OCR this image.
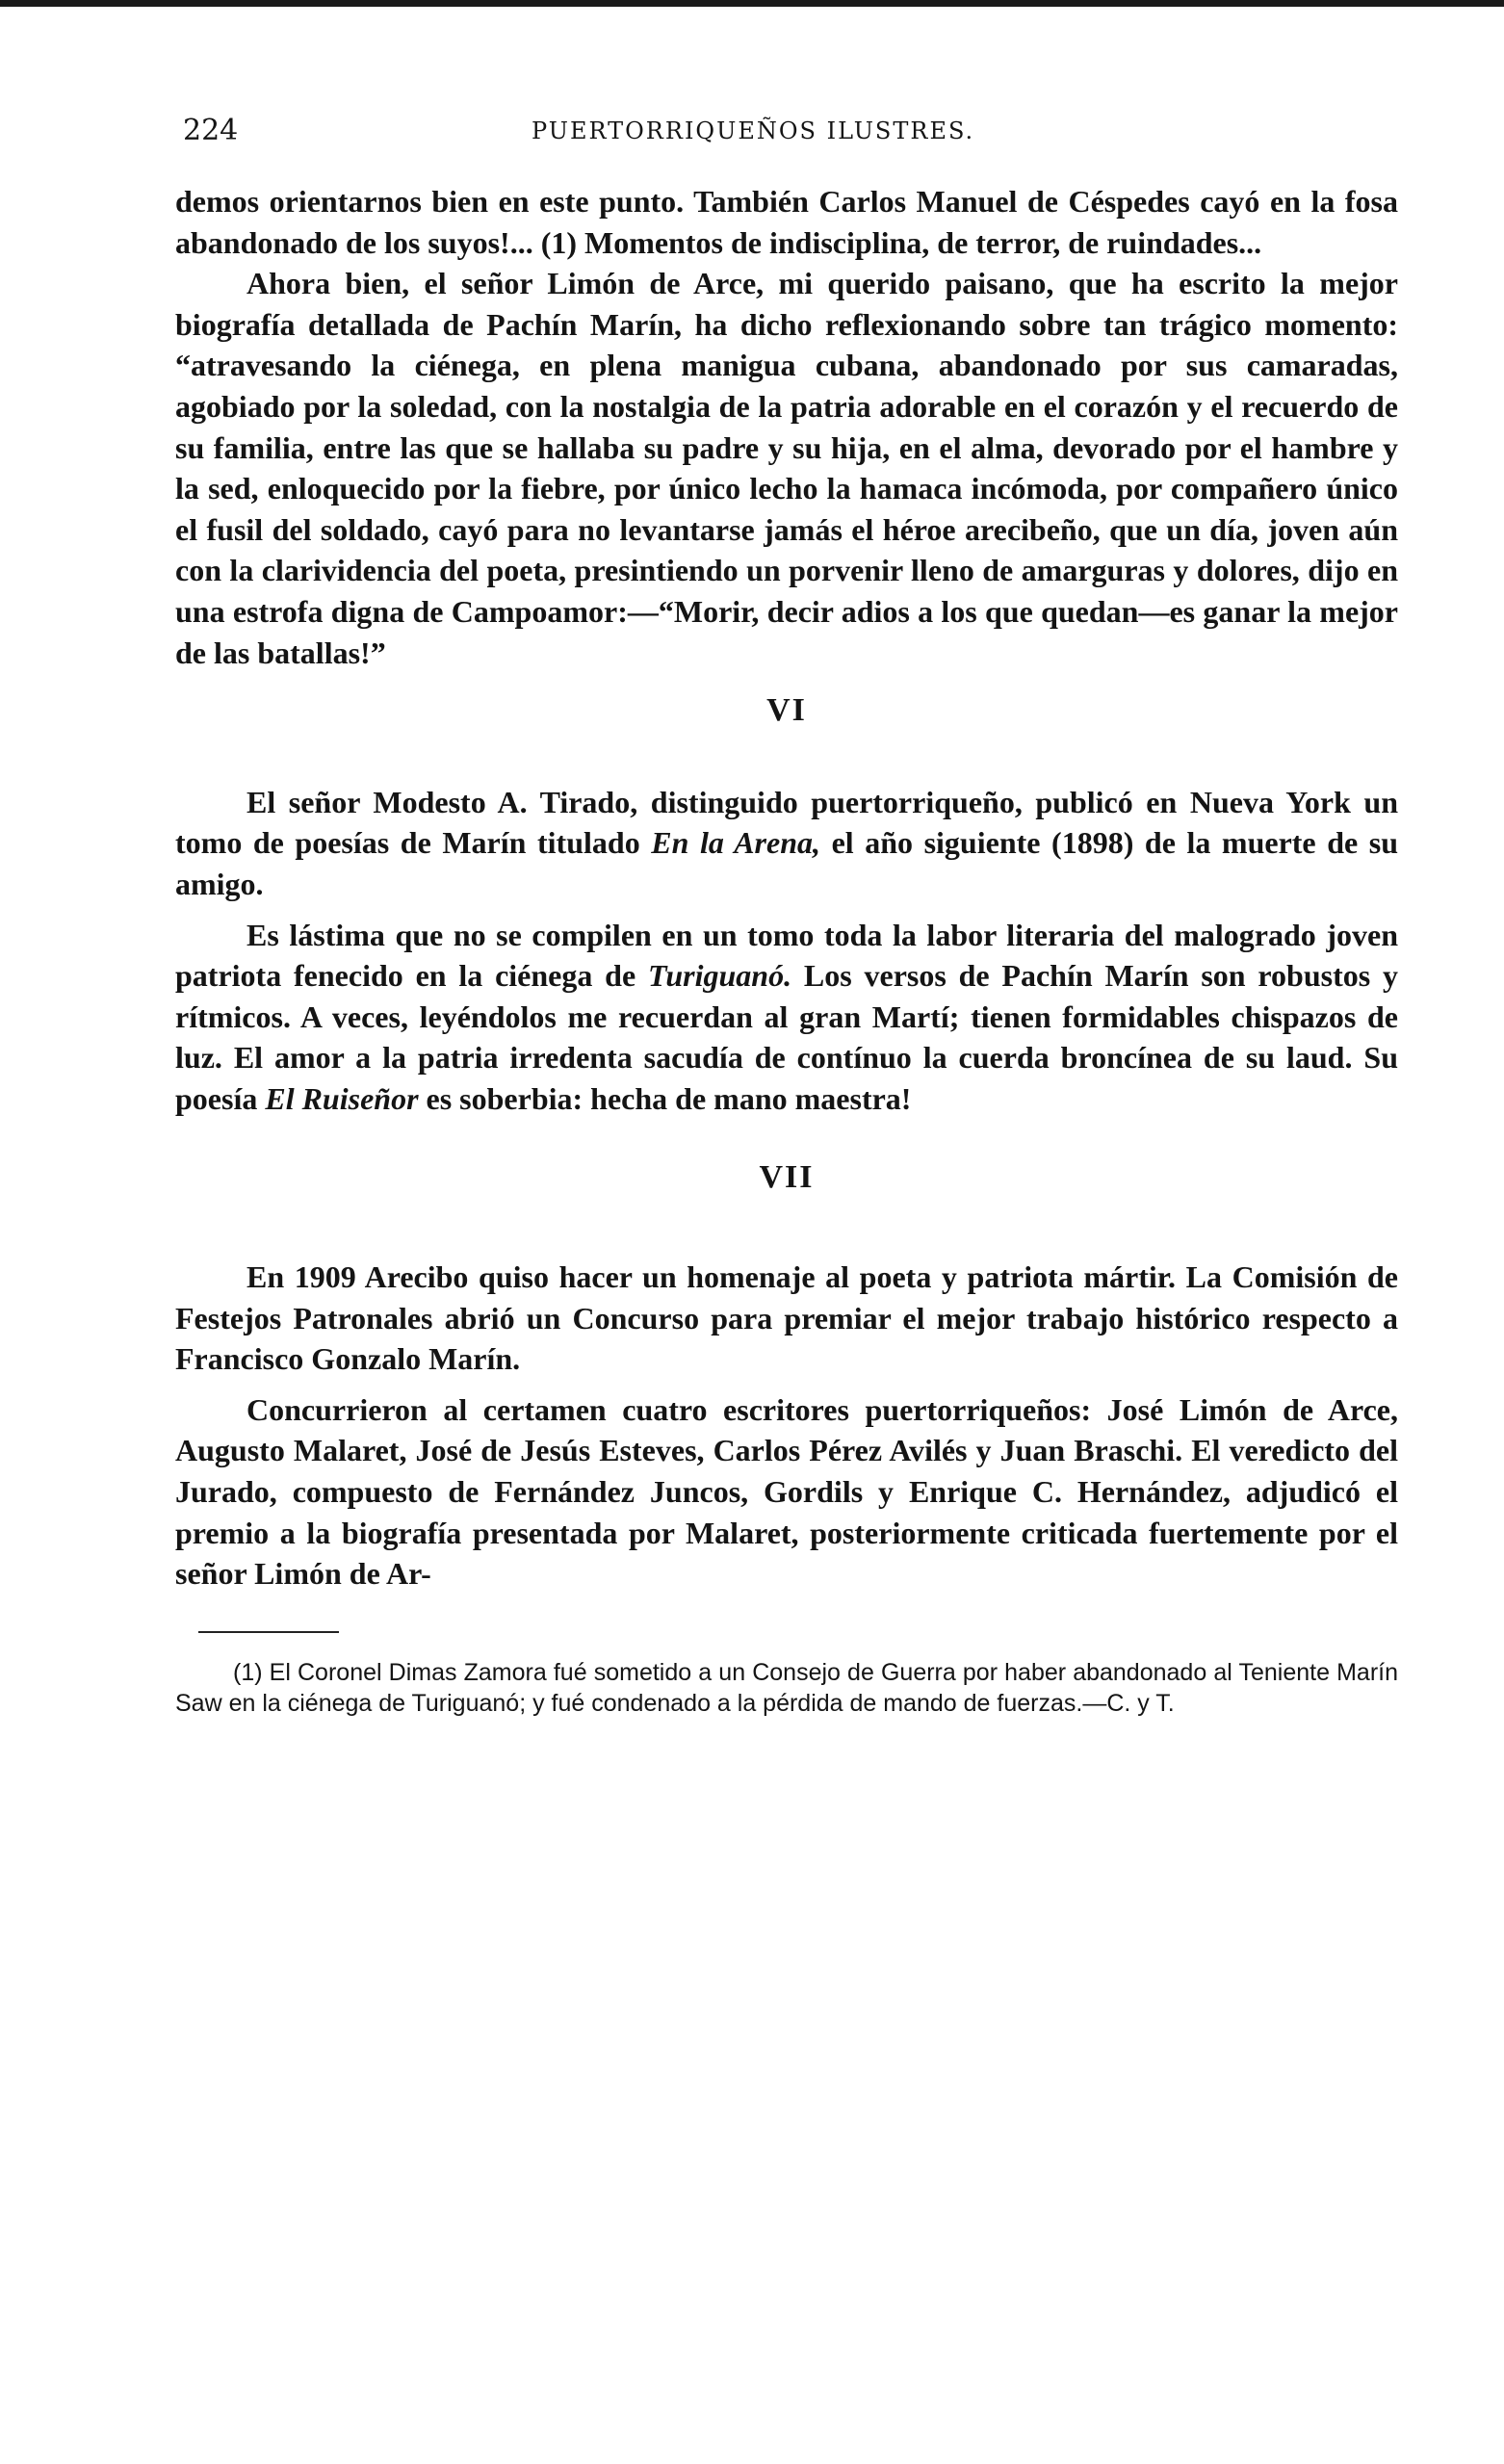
224	PUERTORRIQUEÑOS ILUSTRES.

demos orientarnos bien en este punto. También Carlos Manuel de Céspedes cayó en la fosa abandonado de los suyos!... (1) Momentos de indisciplina, de terror, de ruindades...

Ahora bien, el señor Limón de Arce, mi querido paisano, que ha escrito la mejor biografía detallada de Pachín Marín, ha dicho reflexionando sobre tan trágico momento: “atravesando la ciénega, en plena manigua cubana, abandonado por sus camaradas, agobiado por la soledad, con la nostalgia de la patria adorable en el corazón y el recuerdo de su familia, entre las que se hallaba su padre y su hija, en el alma, devorado por el hambre y la sed, enloquecido por la fiebre, por único lecho la hamaca incómoda, por compañero único el fusil del soldado, cayó para no levantarse jamás el héroe arecibeño, que un día, joven aún con la clarividencia del poeta, presintiendo un porvenir lleno de amarguras y dolores, dijo en una estrofa digna de Campoamor:—“Morir, decir adios a los que quedan—es ganar la mejor de las batallas!”

VI

El señor Modesto A. Tirado, distinguido puertorriqueño, publicó en Nueva York un tomo de poesías de Marín titulado En la Arena, el año siguiente (1898) de la muerte de su amigo.

Es lástima que no se compilen en un tomo toda la labor literaria del malogrado joven patriota fenecido en la ciénega de Turiguanó. Los versos de Pachín Marín son robustos y rítmicos. A veces, leyéndolos me recuerdan al gran Martí; tienen formidables chispazos de luz. El amor a la patria irredenta sacudía de contínuo la cuerda broncínea de su laud. Su poesía El Ruiseñor es soberbia: hecha de mano maestra!

VII

En 1909 Arecibo quiso hacer un homenaje al poeta y patriota mártir. La Comisión de Festejos Patronales abrió un Concurso para premiar el mejor trabajo histórico respecto a Francisco Gonzalo Marín.

Concurrieron al certamen cuatro escritores puertorriqueños: José Limón de Arce, Augusto Malaret, José de Jesús Esteves, Carlos Pérez Avilés y Juan Braschi. El veredicto del Jurado, compuesto de Fernández Juncos, Gordils y Enrique C. Hernández, adjudicó el premio a la biografía presentada por Malaret, posteriormente criticada fuertemente por el señor Limón de Ar-

(1) El Coronel Dimas Zamora fué sometido a un Consejo de Guerra por haber abandonado al Teniente Marín Saw en la ciénega de Turiguanó; y fué condenado a la pérdida de mando de fuerzas.—C. y T.
